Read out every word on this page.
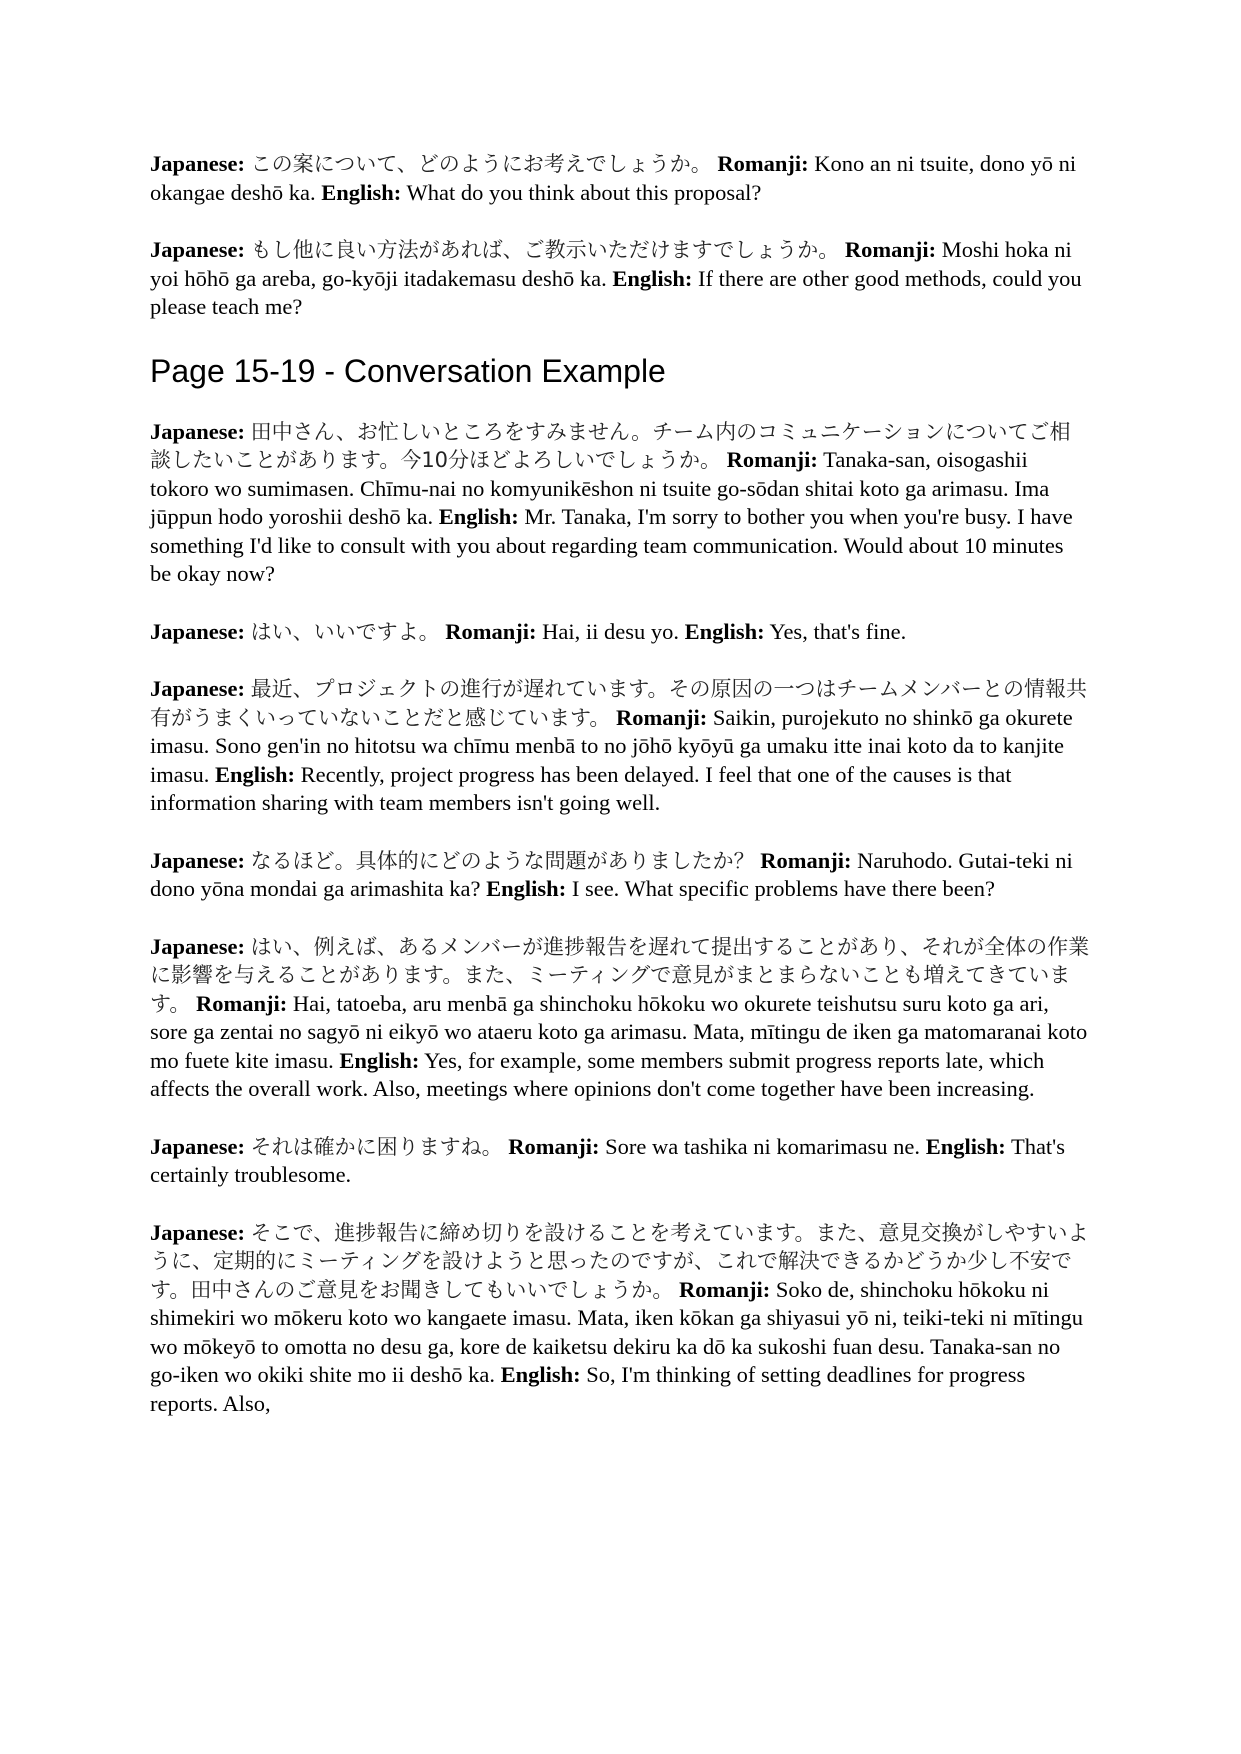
Japanese: この案について、どのようにお考えでしょうか。 Romanji: Kono an ni tsuite, dono yō ni okangae deshō ka. English: What do you think about this proposal?

Japanese: もし他に良い方法があれば、ご教示いただけますでしょうか。 Romanji: Moshi hoka ni yoi hōhō ga areba, go-kyōji itadakemasu deshō ka. English: If there are other good methods, could you please teach me?

Page 15-19 - Conversation Example

Japanese: 田中さん、お忙しいところをすみません。チーム内のコミュニケーションについてご相談したいことがあります。今10分ほどよろしいでしょうか。 Romanji: Tanaka-san, oisogashii tokoro wo sumimasen. Chīmu-nai no komyunikēshon ni tsuite go-sōdan shitai koto ga arimasu. Ima jūppun hodo yoroshii deshō ka. English: Mr. Tanaka, I'm sorry to bother you when you're busy. I have something I'd like to consult with you about regarding team communication. Would about 10 minutes be okay now?

Japanese: はい、いいですよ。 Romanji: Hai, ii desu yo. English: Yes, that's fine.

Japanese: 最近、プロジェクトの進行が遅れています。その原因の一つはチームメンバーとの情報共有がうまくいっていないことだと感じています。 Romanji: Saikin, purojekuto no shinkō ga okurete imasu. Sono gen'in no hitotsu wa chīmu menbā to no jōhō kyōyū ga umaku itte inai koto da to kanjite imasu. English: Recently, project progress has been delayed. I feel that one of the causes is that information sharing with team members isn't going well.

Japanese: なるほど。具体的にどのような問題がありましたか？ Romanji: Naruhodo. Gutai-teki ni dono yōna mondai ga arimashita ka? English: I see. What specific problems have there been?

Japanese: はい、例えば、あるメンバーが進捗報告を遅れて提出することがあり、それが全体の作業に影響を与えることがあります。また、ミーティングで意見がまとまらないことも増えてきています。 Romanji: Hai, tatoeba, aru menbā ga shinchoku hōkoku wo okurete teishutsu suru koto ga ari, sore ga zentai no sagyō ni eikyō wo ataeru koto ga arimasu. Mata, mītingu de iken ga matomaranai koto mo fuete kite imasu. English: Yes, for example, some members submit progress reports late, which affects the overall work. Also, meetings where opinions don't come together have been increasing.

Japanese: それは確かに困りますね。 Romanji: Sore wa tashika ni komarimasu ne. English: That's certainly troublesome.

Japanese: そこで、進捗報告に締め切りを設けることを考えています。また、意見交換がしやすいように、定期的にミーティングを設けようと思ったのですが、これで解決できるかどうか少し不安です。田中さんのご意見をお聞きしてもいいでしょうか。 Romanji: Soko de, shinchoku hōkoku ni shimekiri wo mōkeru koto wo kangaete imasu. Mata, iken kōkan ga shiyasui yō ni, teiki-teki ni mītingu wo mōkeyō to omotta no desu ga, kore de kaiketsu dekiru ka dō ka sukoshi fuan desu. Tanaka-san no go-iken wo okiki shite mo ii deshō ka. English: So, I'm thinking of setting deadlines for progress reports. Also,
